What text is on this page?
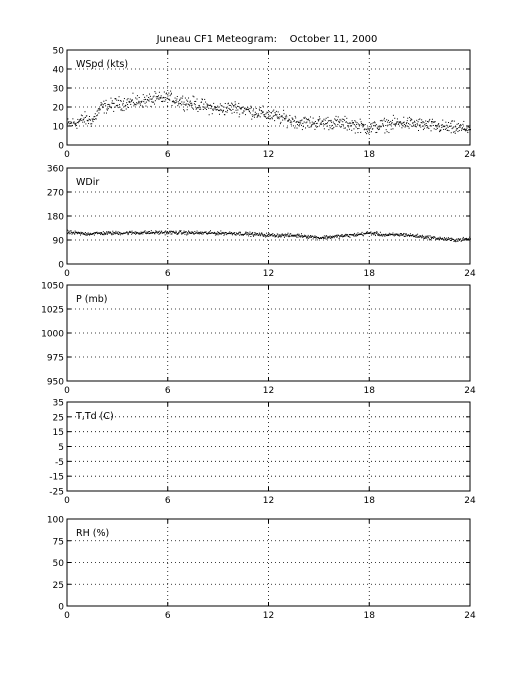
Juneau CF1 Meteogram:    October 11, 2000
0	6	12	18	24
0
10
20
30
40
50
WSpd (kts)
0	6	12	18	24
0
90
180
270
360
WDir
0	6	12	18	24
950
975
1000
1025
1050
P (mb)
0	6	12	18	24
-25
-15
-5
5
15
25
35
T,Td (C)
0	6	12	18	24
0
25
50
75
100
RH (%)
